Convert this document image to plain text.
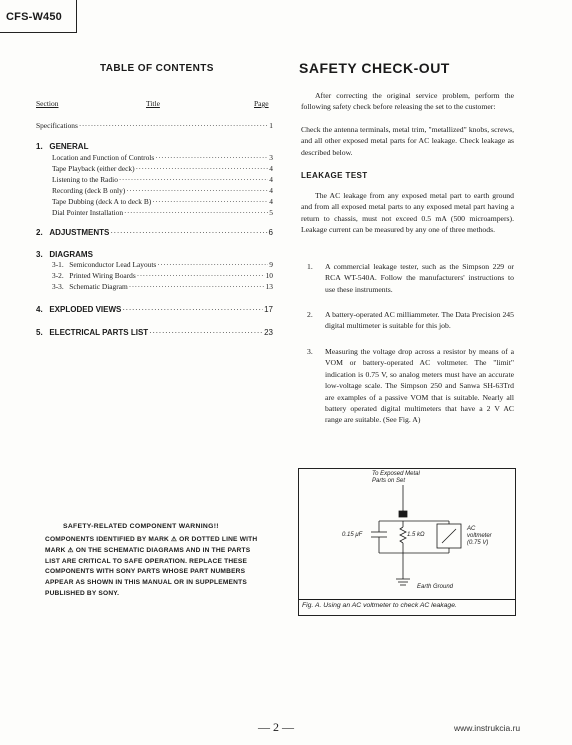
CFS-W450
TABLE OF CONTENTS
Section	Title	Page
Specifications ·····	1
1. GENERAL
Location and Function of Controls ·····	3
Tape Playback (either deck) ·····	4
Listening to the Radio ·····	4
Recording (deck B only) ·····	4
Tape Dubbing (deck A to deck B) ·····	4
Dial Pointer Installation ·····	5
2.
ADJUSTMENTS ·····	6
3. DIAGRAMS
3-1.   Semiconductor Lead Layouts ·····	9
3-2.   Printed Wiring Boards ·····	10
3-3.   Schematic Diagram ·····	13
4.
EXPLODED VIEWS ·····	17
5.
ELECTRICAL PARTS LIST ·····	23
SAFETY-RELATED COMPONENT WARNING!!
COMPONENTS IDENTIFIED BY MARK ⚠ OR DOTTED LINE WITH MARK ⚠ ON THE SCHEMATIC DIAGRAMS AND IN THE PARTS LIST ARE CRITICAL TO SAFE OPERATION. REPLACE THESE COMPONENTS WITH SONY PARTS WHOSE PART NUMBERS APPEAR AS SHOWN IN THIS MANUAL OR IN SUPPLEMENTS PUBLISHED BY SONY.
SAFETY CHECK-OUT
After correcting the original service problem, perform the following safety check before releasing the set to the customer:
Check the antenna terminals, metal trim, "metallized" knobs, screws, and all other exposed metal parts for AC leakage. Check leakage as described below.
LEAKAGE TEST
The AC leakage from any exposed metal part to earth ground and from all exposed metal parts to any exposed metal part having a return to chassis, must not exceed 0.5 mA (500 microampers). Leakage current can be measured by any one of three methods.
1. A commercial leakage tester, such as the Simpson 229 or RCA WT-540A. Follow the manufacturers' instructions to use these instruments.
2. A battery-operated AC milliammeter. The Data Precision 245 digital multimeter is suitable for this job.
3. Measuring the voltage drop across a resistor by means of a VOM or battery-operated AC voltmeter. The "limit" indication is 0.75 V, so analog meters must have an accurate low-voltage scale. The Simpson 250 and Sanwa SH-63Trd are examples of a passive VOM that is suitable. Nearly all battery operated digital multimeters that have a 2 V AC range are suitable. (See Fig. A)
To Exposed Metal
Parts on Set
0.15 μF	1.5 kΩ
AC
voltmeter
(0.75 V)
Earth Ground
Fig. A. Using an AC voltmeter to check AC leakage.
— 2 —	www.instrukcia.ru
